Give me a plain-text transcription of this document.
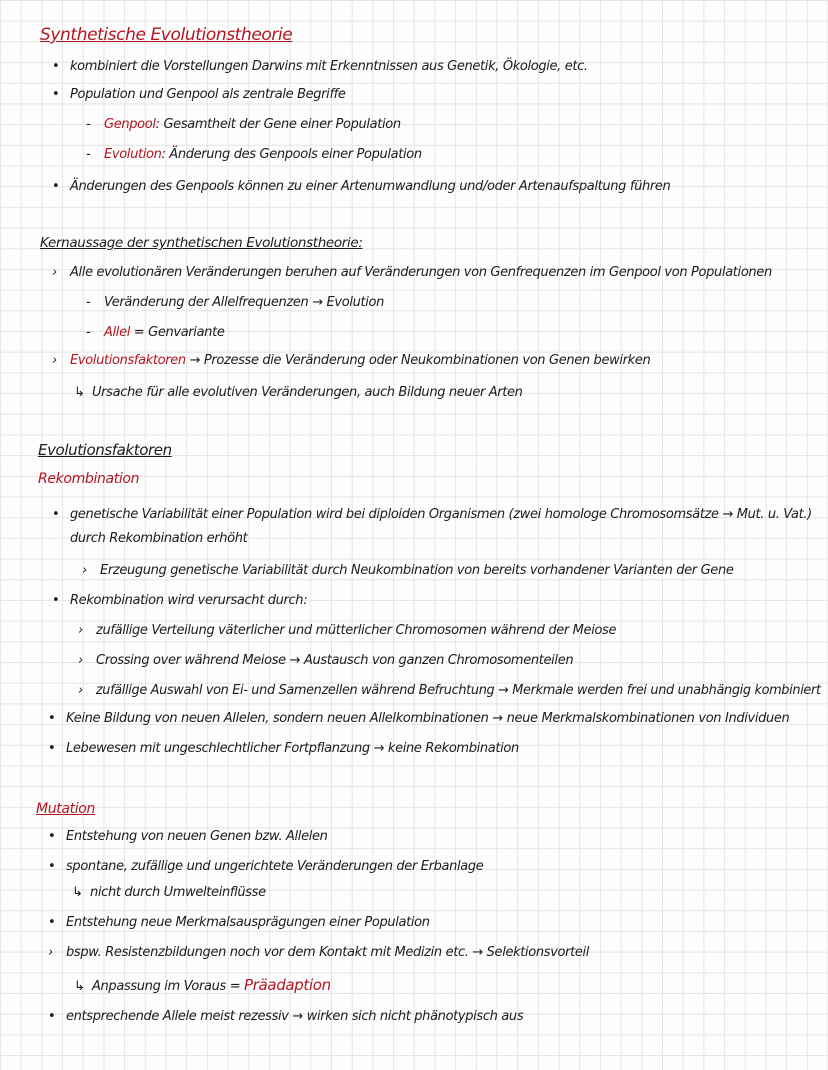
Synthetische Evolutionstheorie
• kombiniert die Vorstellungen Darwins mit Erkenntnissen aus Genetik, Ökologie, etc.
• Population und Genpool als zentrale Begriffe
- Genpool: Gesamtheit der Gene einer Population
- Evolution: Änderung des Genpools einer Population
• Änderungen des Genpools können zu einer Artenumwandlung und/oder Artenaufspaltung führen
Kernaussage der synthetischen Evolutionstheorie:
› Alle evolutionären Veränderungen beruhen auf Veränderungen von Genfrequenzen im Genpool von Populationen
- Veränderung der Allelfrequenzen → Evolution
- Allel = Genvariante
› Evolutionsfaktoren → Prozesse die Veränderung oder Neukombinationen von Genen bewirken
↳ Ursache für alle evolutiven Veränderungen, auch Bildung neuer Arten
Evolutionsfaktoren
Rekombination
• genetische Variabilität einer Population wird bei diploiden Organismen (zwei homologe Chromosomsätze → Mut. u. Vat.)
durch Rekombination erhöht
› Erzeugung genetische Variabilität durch Neukombination von bereits vorhandener Varianten der Gene
• Rekombination wird verursacht durch:
› zufällige Verteilung väterlicher und mütterlicher Chromosomen während der Meiose
› Crossing over während Meiose → Austausch von ganzen Chromosomenteilen
› zufällige Auswahl von Ei- und Samenzellen während Befruchtung → Merkmale werden frei und unabhängig kombiniert
• Keine Bildung von neuen Allelen, sondern neuen Allelkombinationen → neue Merkmalskombinationen von Individuen
• Lebewesen mit ungeschlechtlicher Fortpflanzung → keine Rekombination
Mutation
• Entstehung von neuen Genen bzw. Allelen
• spontane, zufällige und ungerichtete Veränderungen der Erbanlage
↳ nicht durch Umwelteinflüsse
• Entstehung neue Merkmalsausprägungen einer Population
› bspw. Resistenzbildungen noch vor dem Kontakt mit Medizin etc. → Selektionsvorteil
↳ Anpassung im Voraus = Präadaption
• entsprechende Allele meist rezessiv → wirken sich nicht phänotypisch aus
